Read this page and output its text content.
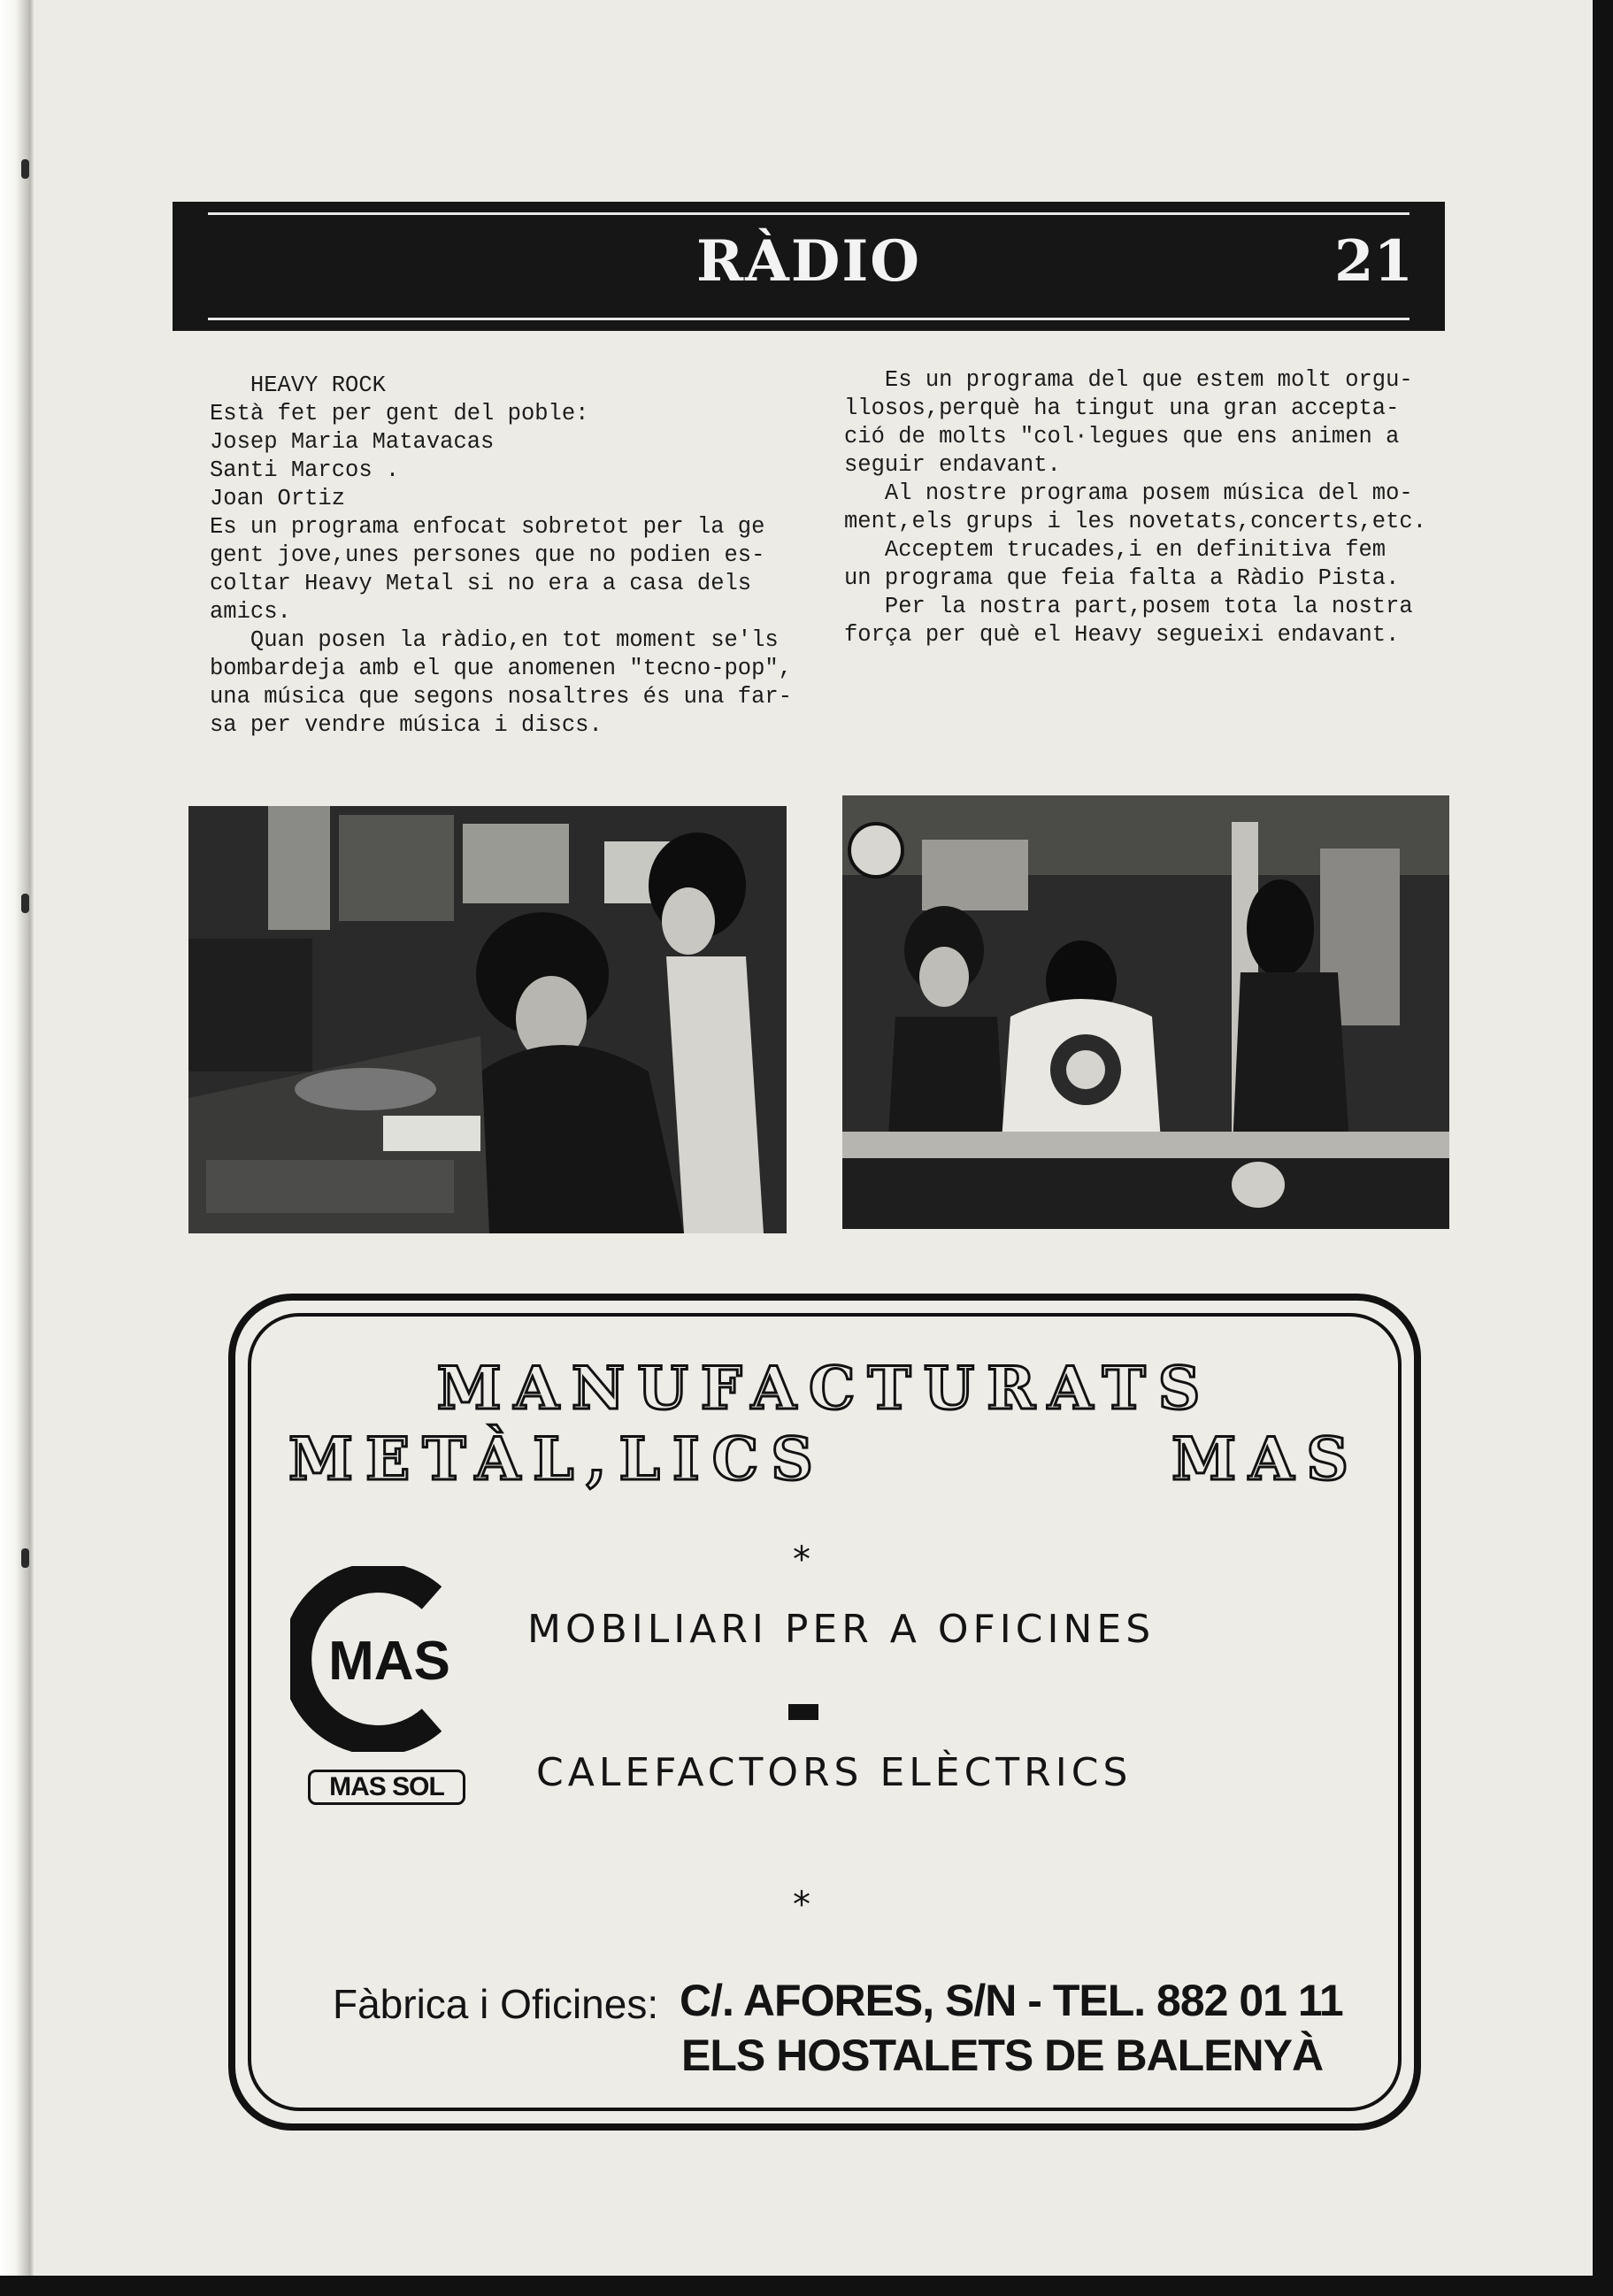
RÀDIO	21
HEAVY ROCK
Està fet per gent del poble:
Josep Maria Matavacas
Santi Marcos .
Joan Ortiz
Es un programa enfocat sobretot per la ge
gent jove,unes persones que no podien es-
coltar Heavy Metal si no era a casa dels
amics.
Quan posen la ràdio,en tot moment se'ls
bombardeja amb el que anomenen "tecno-pop",
una música que segons nosaltres és una far-
sa per vendre música i discs.
Es un programa del que estem molt orgu-
llosos,perquè ha tingut una gran accepta-
ció de molts "col·legues que ens animen a
seguir endavant.
Al nostre programa posem música del mo-
ment,els grups i les novetats,concerts,etc.
Acceptem trucades,i en definitiva fem
un programa que feia falta a Ràdio Pista.
Per la nostra part,posem tota la nostra
força per què el Heavy segueixi endavant.
MANUFACTURATS
METÀL,LICS	MAS
*
MAS
MOBILIARI PER A OFICINES
MAS SOL	CALEFACTORS ELÈCTRICS
*
Fàbrica i Oficines: C/. AFORES, S/N - TEL. 882 01 11
ELS HOSTALETS DE BALENYÀ
